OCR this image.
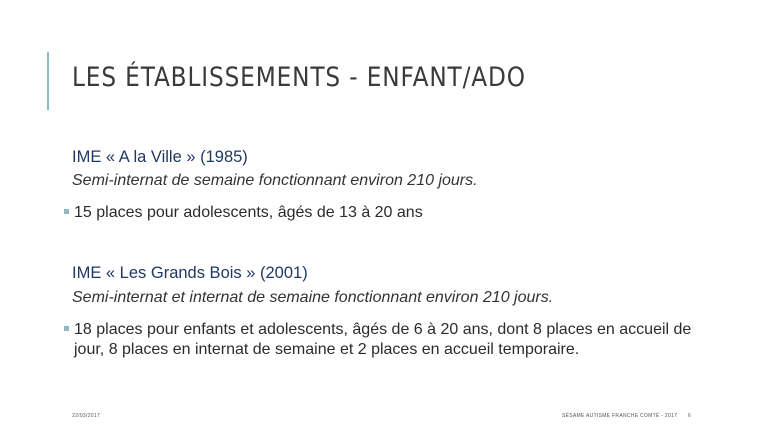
LES ÉTABLISSEMENTS - ENFANT/ADO
IME « A la Ville » (1985)
Semi-internat de semaine fonctionnant environ 210 jours.
15 places pour adolescents, âgés de 13 à 20 ans
IME « Les Grands Bois » (2001)
Semi-internat et internat de semaine fonctionnant environ 210 jours.
18 places pour enfants et adolescents, âgés de 6 à 20 ans, dont 8 places en accueil de jour, 8 places en internat de semaine et 2 places en accueil temporaire.
22/03/2017	SÉSAME AUTISME FRANCHE COMTÉ - 2017 6
